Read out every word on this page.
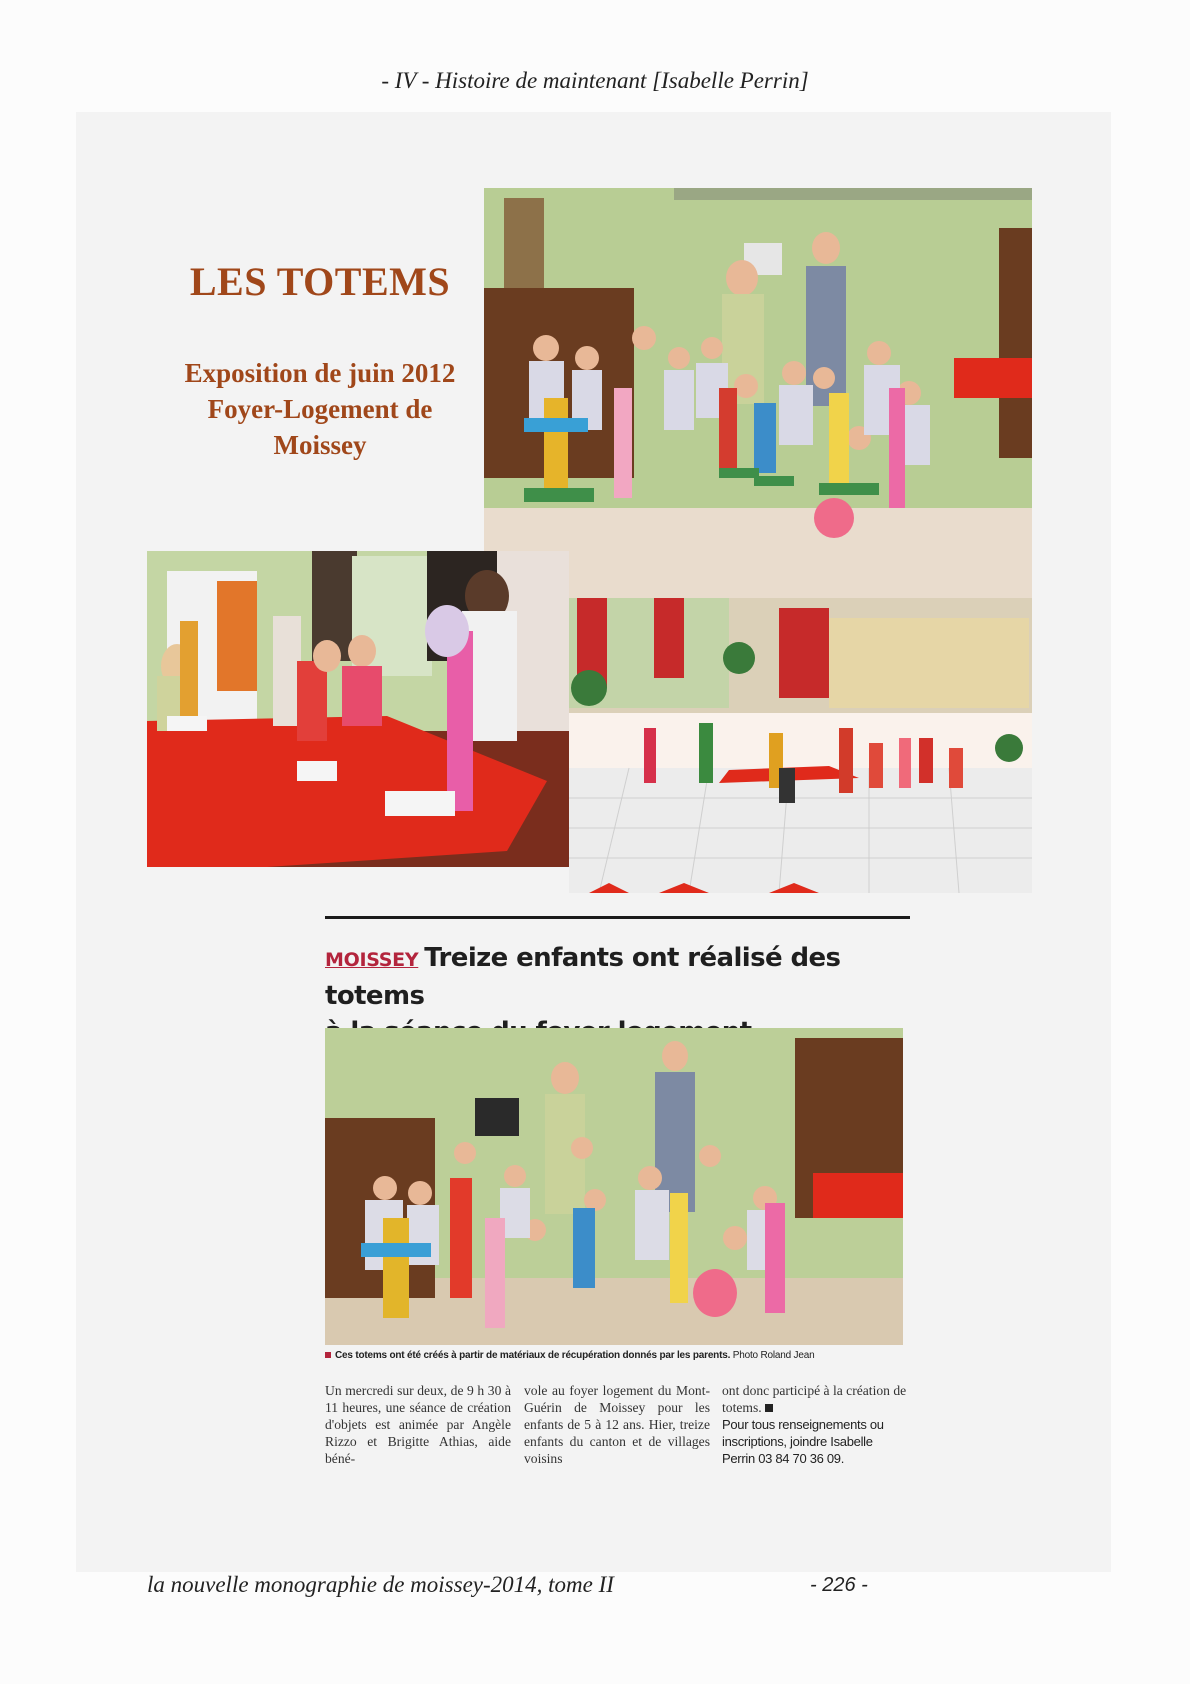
- IV - Histoire de maintenant [Isabelle Perrin]
LES TOTEMS
Exposition de juin 2012
Foyer-Logement de
Moissey
MOISSEY Treize enfants ont réalisé des totems

Ces totems ont été créés à partir de matériaux de récupération donnés par les parents. Photo Roland Jean
Un mercredi sur deux, de 9 h 30 à 11 heures, une séance de création d'objets est animée par Angèle Rizzo et Brigitte Athias, aide béné-
vole au foyer logement du Mont-Guérin de Moissey pour les enfants de 5 à 12 ans. Hier, treize enfants du canton et de villages voisins
ont donc participé à la création de totems.
Pour tous renseignements ou inscriptions, joindre Isabelle Perrin 03 84 70 36 09.
la nouvelle monographie de moissey-2014, tome II	- 226 -
